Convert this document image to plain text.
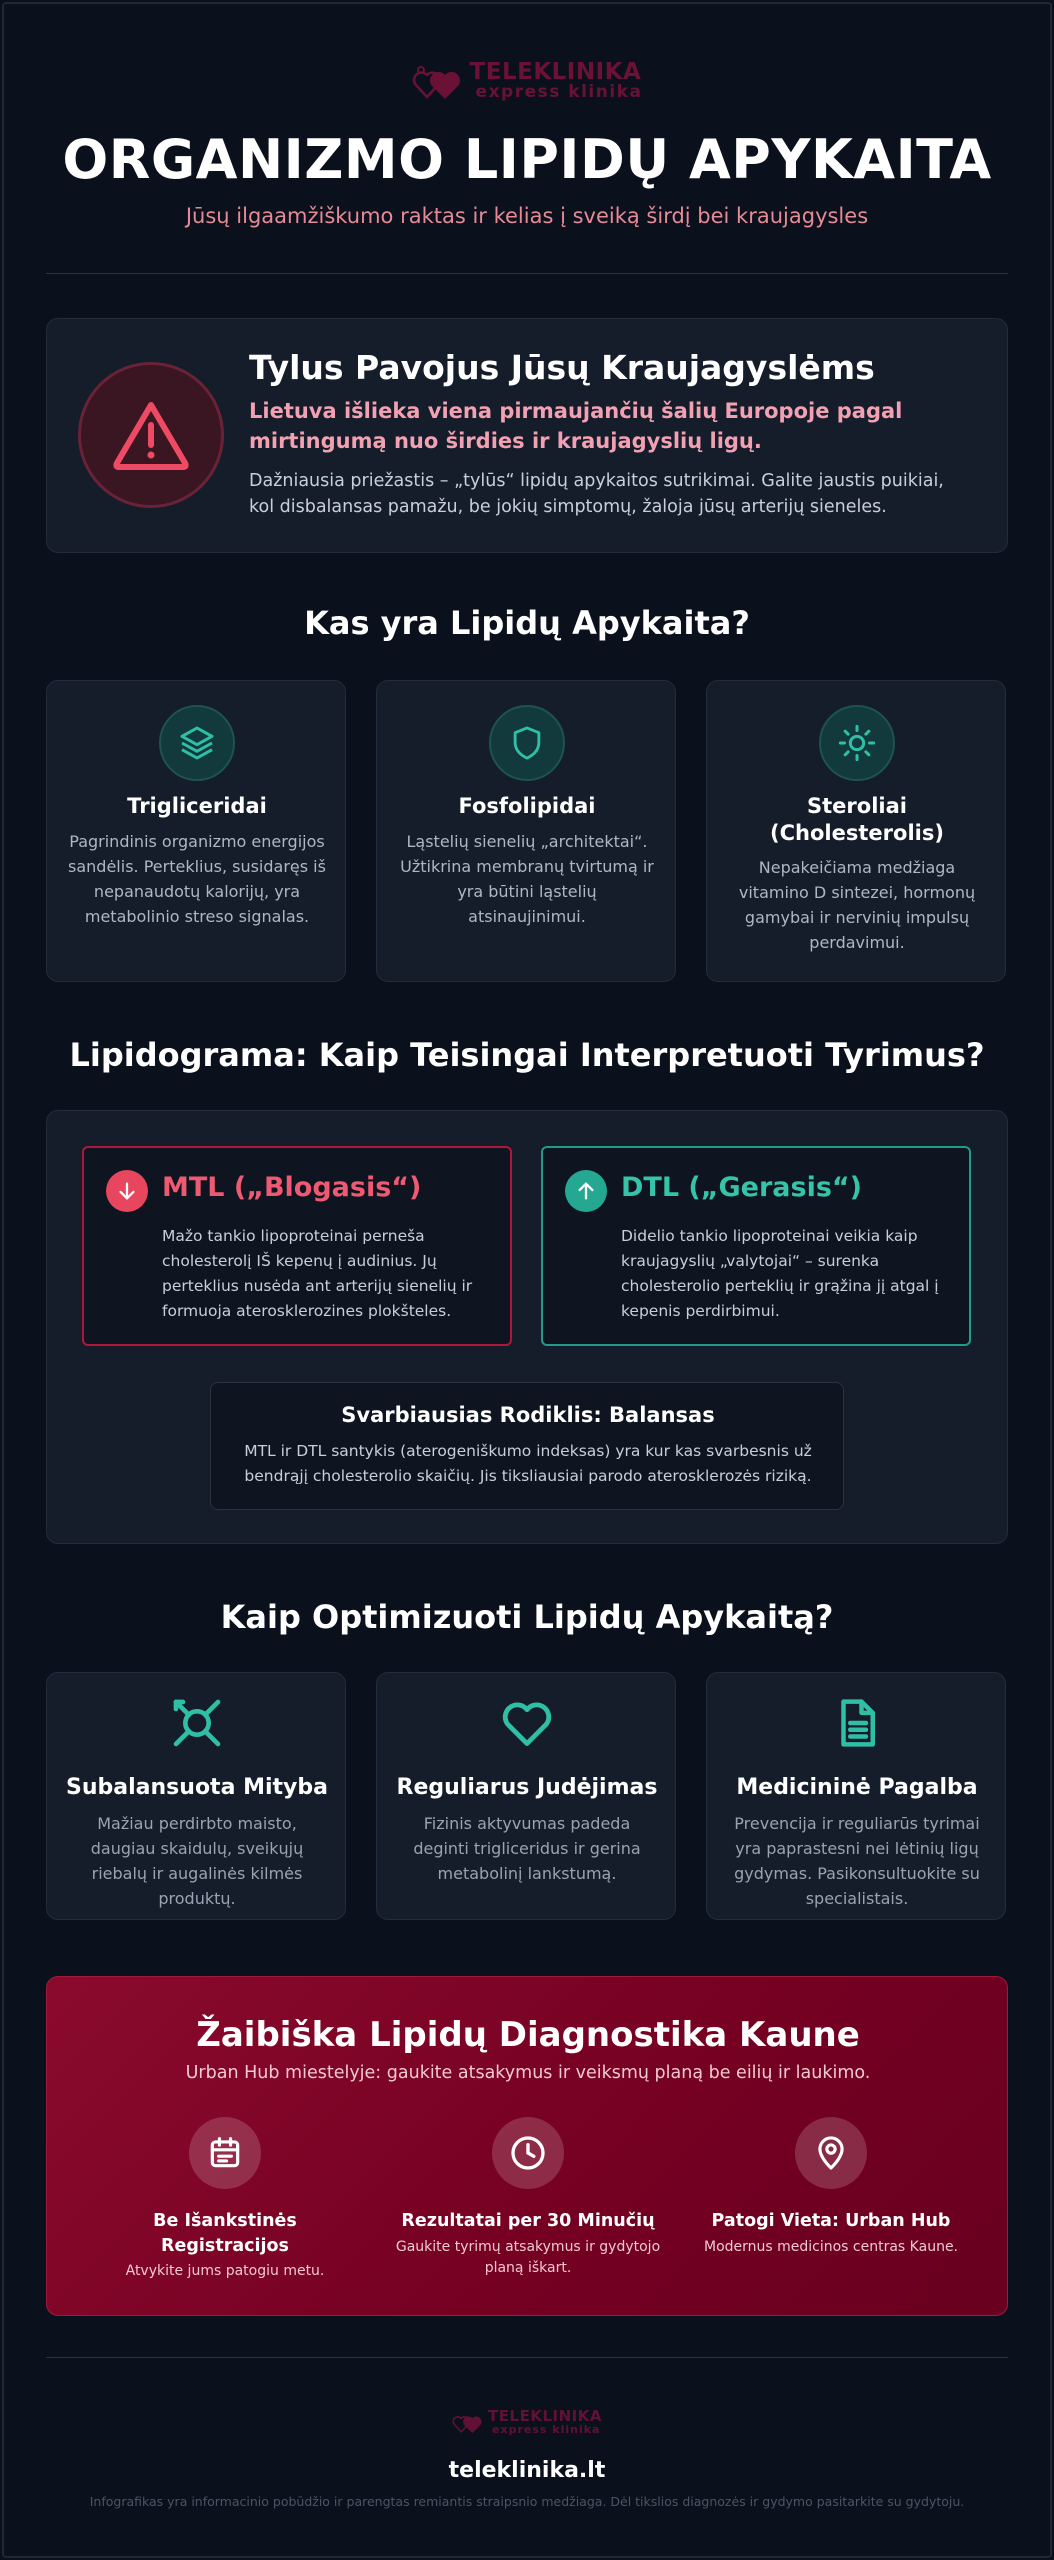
TELEKLINIKA
express klinika
ORGANIZMO LIPIDŲ APYKAITA
Jūsų ilgaamžiškumo raktas ir kelias į sveiką širdį bei kraujagysles
Tylus Pavojus Jūsų Kraujagyslėms
Lietuva išlieka viena pirmaujančių šalių Europoje pagal mirtingumą nuo širdies ir kraujagyslių ligų.
Dažniausia priežastis – „tylūs“ lipidų apykaitos sutrikimai. Galite jaustis puikiai, kol disbalansas pamažu, be jokių simptomų, žaloja jūsų arterijų sieneles.
Kas yra Lipidų Apykaita?
Trigliceridai
Pagrindinis organizmo energijos sandėlis. Perteklius, susidaręs iš nepanaudotų kalorijų, yra metabolinio streso signalas.
Fosfolipidai
Ląstelių sienelių „architektai“. Užtikrina membranų tvirtumą ir yra būtini ląstelių atsinaujinimui.
Steroliai (Cholesterolis)
Nepakeičiama medžiaga vitamino D sintezei, hormonų gamybai ir nervinių impulsų perdavimui.
Lipidograma: Kaip Teisingai Interpretuoti Tyrimus?
MTL („Blogasis“)
Mažo tankio lipoproteinai perneša cholesterolį IŠ kepenų į audinius. Jų perteklius nusėda ant arterijų sienelių ir formuoja aterosklerozines plokšteles.
DTL („Gerasis“)
Didelio tankio lipoproteinai veikia kaip kraujagyslių „valytojai“ – surenka cholesterolio perteklių ir grąžina jį atgal į kepenis perdirbimui.
Svarbiausias Rodiklis: Balansas
MTL ir DTL santykis (aterogeniškumo indeksas) yra kur kas svarbesnis už bendrąjį cholesterolio skaičių. Jis tiksliausiai parodo aterosklerozės riziką.
Kaip Optimizuoti Lipidų Apykaitą?
Subalansuota Mityba
Mažiau perdirbto maisto, daugiau skaidulų, sveikųjų riebalų ir augalinės kilmės produktų.
Reguliarus Judėjimas
Fizinis aktyvumas padeda deginti trigliceridus ir gerina metabolinį lankstumą.
Medicininė Pagalba
Prevencija ir reguliarūs tyrimai yra paprastesni nei lėtinių ligų gydymas. Pasikonsultuokite su specialistais.
Žaibiška Lipidų Diagnostika Kaune
Urban Hub miestelyje: gaukite atsakymus ir veiksmų planą be eilių ir laukimo.
Be Išankstinės Registracijos
Atvykite jums patogiu metu.
Rezultatai per 30 Minučių
Gaukite tyrimų atsakymus ir gydytojo planą iškart.
Patogi Vieta: Urban Hub
Modernus medicinos centras Kaune.
TELEKLINIKA
express klinika
teleklinika.lt
Infografikas yra informacinio pobūdžio ir parengtas remiantis straipsnio medžiaga. Dėl tikslios diagnozės ir gydymo pasitarkite su gydytoju.
